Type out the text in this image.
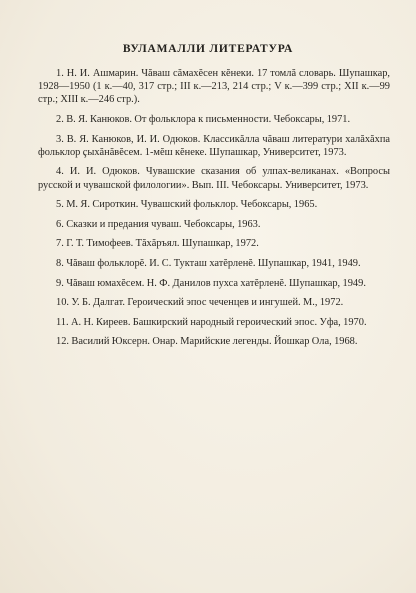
ВУЛАМАЛЛИ ЛИТЕРАТУРА
1. Н. И. Ашмарин. Чăваш сăмахĕсен кĕнеки. 17 томлă словарь. Шупашкар, 1928—1950 (1 к.—40, 317 стр.; III к.—213, 214 стр.; V к.—399 стр.; XII к.—99 стр.; XIII к.—246 стр.).
2. В. Я. Канюков. От фольклора к письменности. Чебоксары, 1971.
3. В. Я. Канюков, И. И. Одюков. Классикăлла чăваш литератури халăхăхпа фольклор ҫыхăнăвĕсем. 1-мĕш кĕнеке. Шупашкар, Университет, 1973.
4. И. И. Одюков. Чувашские сказания об улпах-великанах. «Вопросы русской и чувашской филологии». Вып. III. Чебоксары. Университет, 1973.
5. М. Я. Сироткин. Чувашский фольклор. Чебоксары, 1965.
6. Сказки и предания чуваш. Чебоксары, 1963.
7. Г. Т. Тимофеев. Тăхăръял. Шупашкар, 1972.
8. Чăваш фольклорĕ. И. С. Тукташ хатĕрленĕ. Шупашкар, 1941, 1949.
9. Чăваш юмахĕсем. Н. Ф. Данилов пухса хатĕрленĕ. Шупашкар, 1949.
10. У. Б. Далгат. Героический эпос чеченцев и ингушей. М., 1972.
11. А. Н. Киреев. Башкирский народный героический эпос. Уфа, 1970.
12. Василий Юксерн. Онар. Марийские легенды. Йошкар Ола, 1968.
